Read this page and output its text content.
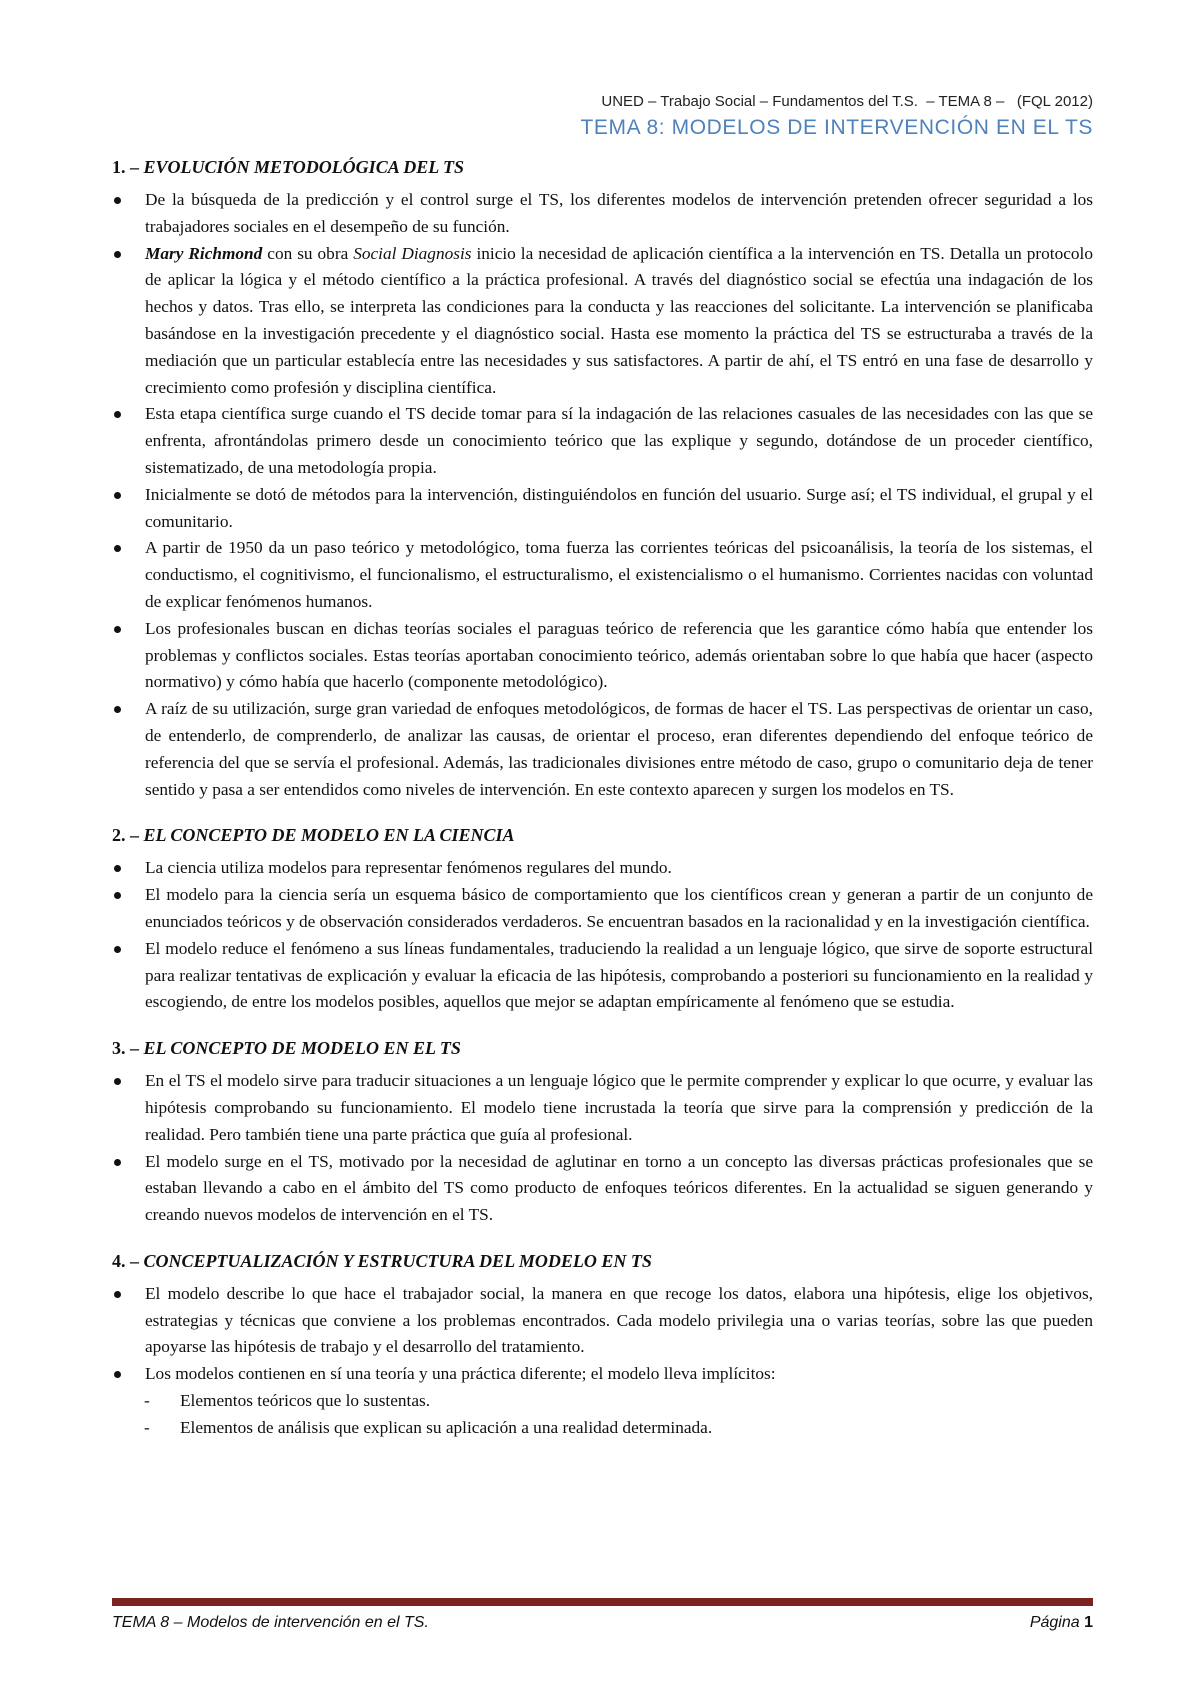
UNED – Trabajo Social – Fundamentos del T.S.  – TEMA 8 –   (FQL 2012)
TEMA 8: MODELOS DE INTERVENCIÓN EN EL TS
1. – EVOLUCIÓN METODOLÓGICA DEL TS
De la búsqueda de la predicción y el control surge el TS, los diferentes modelos de intervención pretenden ofrecer seguridad a los trabajadores sociales en el desempeño de su función.
Mary Richmond con su obra Social Diagnosis inicio la necesidad de aplicación científica a la intervención en TS. Detalla un protocolo de aplicar la lógica y el método científico a la práctica profesional. A través del diagnóstico social se efectúa una indagación de los hechos y datos. Tras ello, se interpreta las condiciones para la conducta y las reacciones del solicitante. La intervención se planificaba basándose en la investigación precedente y el diagnóstico social. Hasta ese momento la práctica del TS se estructuraba a través de la mediación que un particular establecía entre las necesidades y sus satisfactores. A partir de ahí, el TS entró en una fase de desarrollo y crecimiento como profesión y disciplina científica.
Esta etapa científica surge cuando el TS decide tomar para sí la indagación de las relaciones casuales de las necesidades con las que se enfrenta, afrontándolas primero desde un conocimiento teórico que las explique y segundo, dotándose de un proceder científico, sistematizado, de una metodología propia.
Inicialmente se dotó de métodos para la intervención, distinguiéndolos en función del usuario. Surge así; el TS individual, el grupal y el comunitario.
A partir de 1950 da un paso teórico y metodológico, toma fuerza las corrientes teóricas del psicoanálisis, la teoría de los sistemas, el conductismo, el cognitivismo, el funcionalismo, el estructuralismo, el existencialismo o el humanismo. Corrientes nacidas con voluntad de explicar fenómenos humanos.
Los profesionales buscan en dichas teorías sociales el paraguas teórico de referencia que les garantice cómo había que entender los problemas y conflictos sociales. Estas teorías aportaban conocimiento teórico, además orientaban sobre lo que había que hacer (aspecto normativo) y cómo había que hacerlo (componente metodológico).
A raíz de su utilización, surge gran variedad de enfoques metodológicos, de formas de hacer el TS. Las perspectivas de orientar un caso, de entenderlo, de comprenderlo, de analizar las causas, de orientar el proceso, eran diferentes dependiendo del enfoque teórico de referencia del que se servía el profesional. Además, las tradicionales divisiones entre método de caso, grupo o comunitario deja de tener sentido y pasa a ser entendidos como niveles de intervención. En este contexto aparecen y surgen los modelos en TS.
2. – EL CONCEPTO DE MODELO EN LA CIENCIA
La ciencia utiliza modelos para representar fenómenos regulares del mundo.
El modelo para la ciencia sería un esquema básico de comportamiento que los científicos crean y generan a partir de un conjunto de enunciados teóricos y de observación considerados verdaderos. Se encuentran basados en la racionalidad y en la investigación científica.
El modelo reduce el fenómeno a sus líneas fundamentales, traduciendo la realidad a un lenguaje lógico, que sirve de soporte estructural para realizar tentativas de explicación y evaluar la eficacia de las hipótesis, comprobando a posteriori su funcionamiento en la realidad y escogiendo, de entre los modelos posibles, aquellos que mejor se adaptan empíricamente al fenómeno que se estudia.
3. – EL CONCEPTO DE MODELO EN EL TS
En el TS el modelo sirve para traducir situaciones a un lenguaje lógico que le permite comprender y explicar lo que ocurre, y evaluar las hipótesis comprobando su funcionamiento. El modelo tiene incrustada la teoría que sirve para la comprensión y predicción de la realidad. Pero también tiene una parte práctica que guía al profesional.
El modelo surge en el TS, motivado por la necesidad de aglutinar en torno a un concepto las diversas prácticas profesionales que se estaban llevando a cabo en el ámbito del TS como producto de enfoques teóricos diferentes. En la actualidad se siguen generando y creando nuevos modelos de intervención en el TS.
4. – CONCEPTUALIZACIÓN Y ESTRUCTURA DEL MODELO EN TS
El modelo describe lo que hace el trabajador social, la manera en que recoge los datos, elabora una hipótesis, elige los objetivos, estrategias y técnicas que conviene a los problemas encontrados. Cada modelo privilegia una o varias teorías, sobre las que pueden apoyarse las hipótesis de trabajo y el desarrollo del tratamiento.
Los modelos contienen en sí una teoría y una práctica diferente; el modelo lleva implícitos:
- Elementos teóricos que lo sustentas.
- Elementos de análisis que explican su aplicación a una realidad determinada.
TEMA 8 – Modelos de intervención en el TS.	Página 1
